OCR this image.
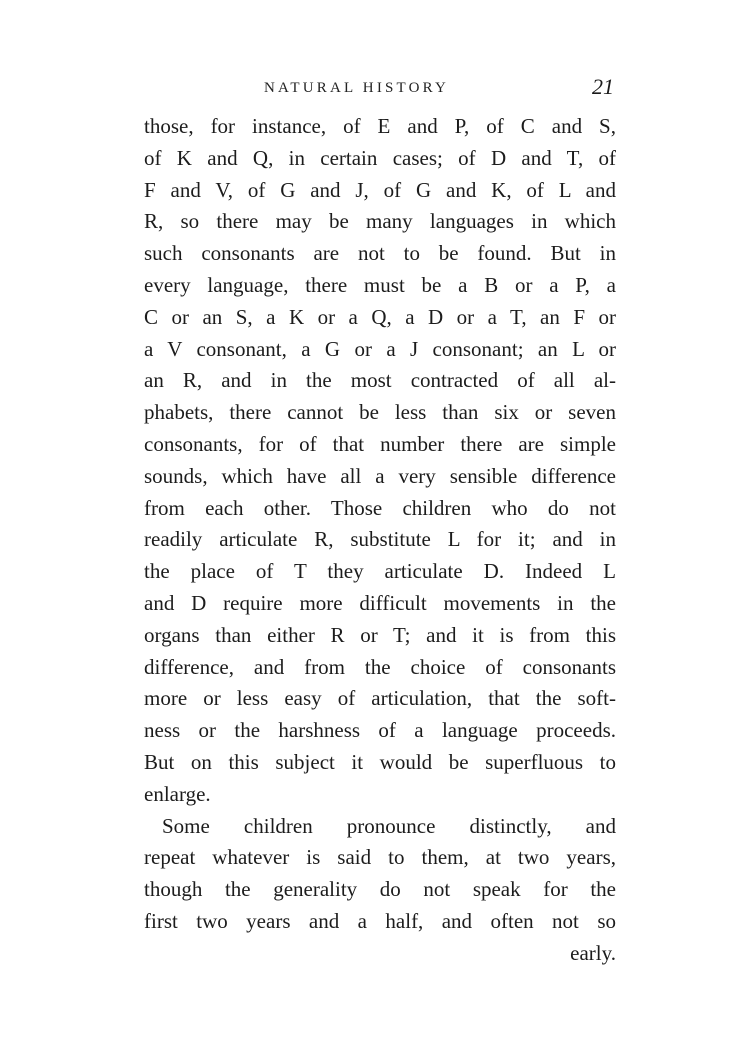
NATURAL HISTORY	21
those, for instance, of E and P, of C and S,
of K and Q, in certain cases; of D and T, of
F and V, of G and J, of G and K, of L and
R, so there may be many languages in which
such consonants are not to be found. But in
every language, there must be a B or a P, a
C or an S, a K or a Q, a D or a T, an F or
a V consonant, a G or a J consonant; an L or
an R, and in the most contracted of all al-
phabets, there cannot be less than six or seven
consonants, for of that number there are simple
sounds, which have all a very sensible difference
from each other. Those children who do not
readily articulate R, substitute L for it; and in
the place of T they articulate D. Indeed L
and D require more difficult movements in the
organs than either R or T; and it is from this
difference, and from the choice of consonants
more or less easy of articulation, that the soft-
ness or the harshness of a language proceeds.
But on this subject it would be superfluous to
enlarge.
Some children pronounce distinctly, and
repeat whatever is said to them, at two years,
though the generality do not speak for the
first two years and a half, and often not so
early.
